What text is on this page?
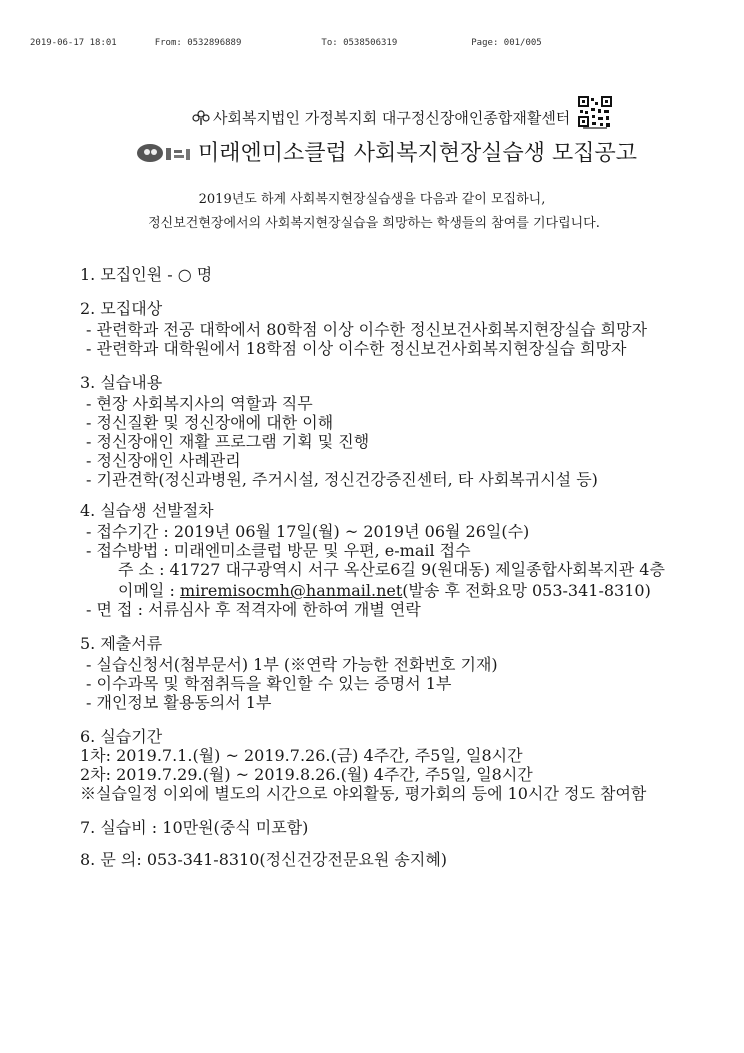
2019-06-17 18:01	From: 0532896889	To: 0538506319	Page: 001/005
사회복지법인 가정복지회 대구정신장애인종합재활센터
미래엔미소클럽 사회복지현장실습생 모집공고
2019년도 하계 사회복지현장실습생을 다음과 같이 모집하니,
정신보건현장에서의 사회복지현장실습을 희망하는 학생들의 참여를 기다립니다.
1. 모집인원 - ○ 명
2. 모집대상
- 관련학과 전공 대학에서 80학점 이상 이수한 정신보건사회복지현장실습 희망자
- 관련학과 대학원에서 18학점 이상 이수한 정신보건사회복지현장실습 희망자
3. 실습내용
- 현장 사회복지사의 역할과 직무
- 정신질환 및 정신장애에 대한 이해
- 정신장애인 재활 프로그램 기획 및 진행
- 정신장애인 사례관리
- 기관견학(정신과병원, 주거시설, 정신건강증진센터, 타 사회복귀시설 등)
4. 실습생 선발절차
- 접수기간 : 2019년 06월 17일(월) ~ 2019년 06월 26일(수)
- 접수방법 : 미래엔미소클럽 방문 및 우편, e-mail 접수
주 소 : 41727 대구광역시 서구 옥산로6길 9(원대동) 제일종합사회복지관 4층
이메일 : miremisocmh@hanmail.net(발송 후 전화요망 053-341-8310)
- 면 접 : 서류심사 후 적격자에 한하여 개별 연락
5. 제출서류
- 실습신청서(첨부문서) 1부 (※연락 가능한 전화번호 기재)
- 이수과목 및 학점취득을 확인할 수 있는 증명서 1부
- 개인정보 활용동의서 1부
6. 실습기간
1차: 2019.7.1.(월) ~ 2019.7.26.(금) 4주간, 주5일, 일8시간
2차: 2019.7.29.(월) ~ 2019.8.26.(월) 4주간, 주5일, 일8시간
※실습일정 이외에 별도의 시간으로 야외활동, 평가회의 등에 10시간 정도 참여함
7. 실습비 : 10만원(중식 미포함)
8. 문 의: 053-341-8310(정신건강전문요원 송지혜)
